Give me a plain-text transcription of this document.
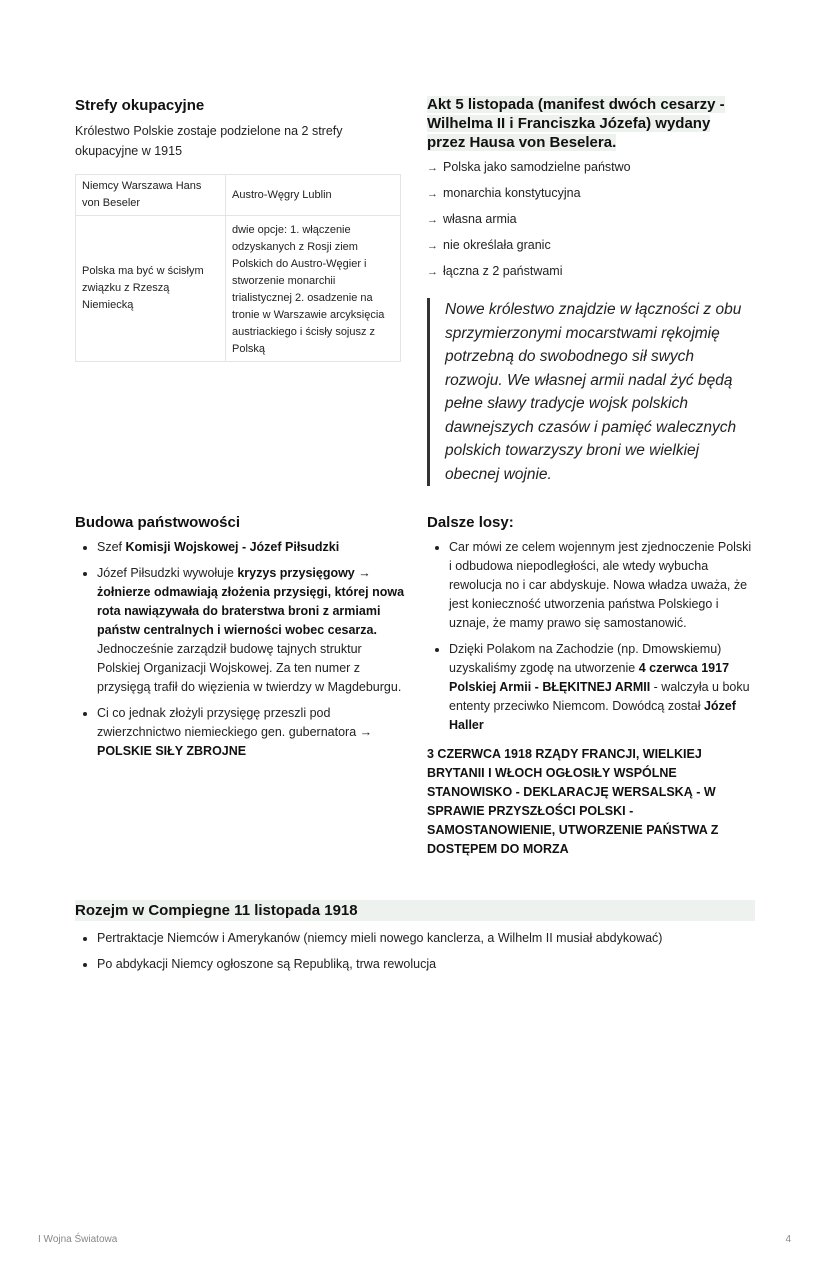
Strefy okupacyjne

Królestwo Polskie zostaje podzielone na 2 strefy okupacyjne w 1915

Niemcy Warszawa Hans von Beseler	Austro-Węgry Lublin
Polska ma być w ścisłym związku z Rzeszą Niemiecką	dwie opcje: 1. włączenie odzyskanych z Rosji ziem Polskich do Austro-Węgier i stworzenie monarchii trialistycznej 2. osadzenie na tronie w Warszawie arcyksięcia austriackiego i ścisły sojusz z Polską
Akt 5 listopada (manifest dwóch cesarzy - Wilhelma II i Franciszka Józefa) wydany przez Hausa von Beselera.
→ Polska jako samodzielne państwo
→ monarchia konstytucyjna
→ własna armia
→ nie określała granic
→ łączna z 2 państwami

Nowe królestwo znajdzie w łączności z obu sprzymierzonymi mocarstwami rękojmię potrzebną do swobodnego sił swych rozwoju. We własnej armii nadal żyć będą pełne sławy tradycje wojsk polskich dawnejszych czasów i pamięć walecznych polskich towarzyszy broni we wielkiej obecnej wojnie.

Budowa państwowości
• Szef Komisji Wojskowej - Józef Piłsudzki
• Józef Piłsudzki wywołuje kryzys przysięgowy → żołnierze odmawiają złożenia przysięgi, której nowa rota nawiązywała do braterstwa broni z armiami państw centralnych i wierności wobec cesarza. Jednocześnie zarządził budowę tajnych struktur Polskiej Organizacji Wojskowej. Za ten numer z przysięgą trafił do więzienia w twierdzy w Magdeburgu.
• Ci co jednak złożyli przysięgę przeszli pod zwierzchnictwo niemieckiego gen. gubernatora → POLSKIE SIŁY ZBROJNE
Dalsze losy:
• Car mówi ze celem wojennym jest zjednoczenie Polski i odbudowa niepodległości, ale wtedy wybucha rewolucja no i car abdyskuje. Nowa władza uważa, że jest konieczność utworzenia państwa Polskiego i uznaje, że mamy prawo się samostanowić.
• Dzięki Polakom na Zachodzie (np. Dmowskiemu) uzyskaliśmy zgodę na utworzenie 4 czerwca 1917 Polskiej Armii - BŁĘKITNEJ ARMII - walczyła u boku ententy przeciwko Niemcom. Dowódcą został Józef Haller

3 CZERWCA 1918 RZĄDY FRANCJI, WIELKIEJ BRYTANII I WŁOCH OGŁOSIŁY WSPÓLNE STANOWISKO - DEKLARACJĘ WERSALSKĄ - W SPRAWIE PRZYSZŁOŚCI POLSKI - SAMOSTANOWIENIE, UTWORZENIE PAŃSTWA Z DOSTĘPEM DO MORZA

Rozejm w Compiegne 11 listopada 1918
• Pertraktacje Niemców i Amerykanów (niemcy mieli nowego kanclerza, a Wilhelm II musiał abdykować)
• Po abdykacji Niemcy ogłoszone są Republiką, trwa rewolucja
I Wojna Światowa	4
